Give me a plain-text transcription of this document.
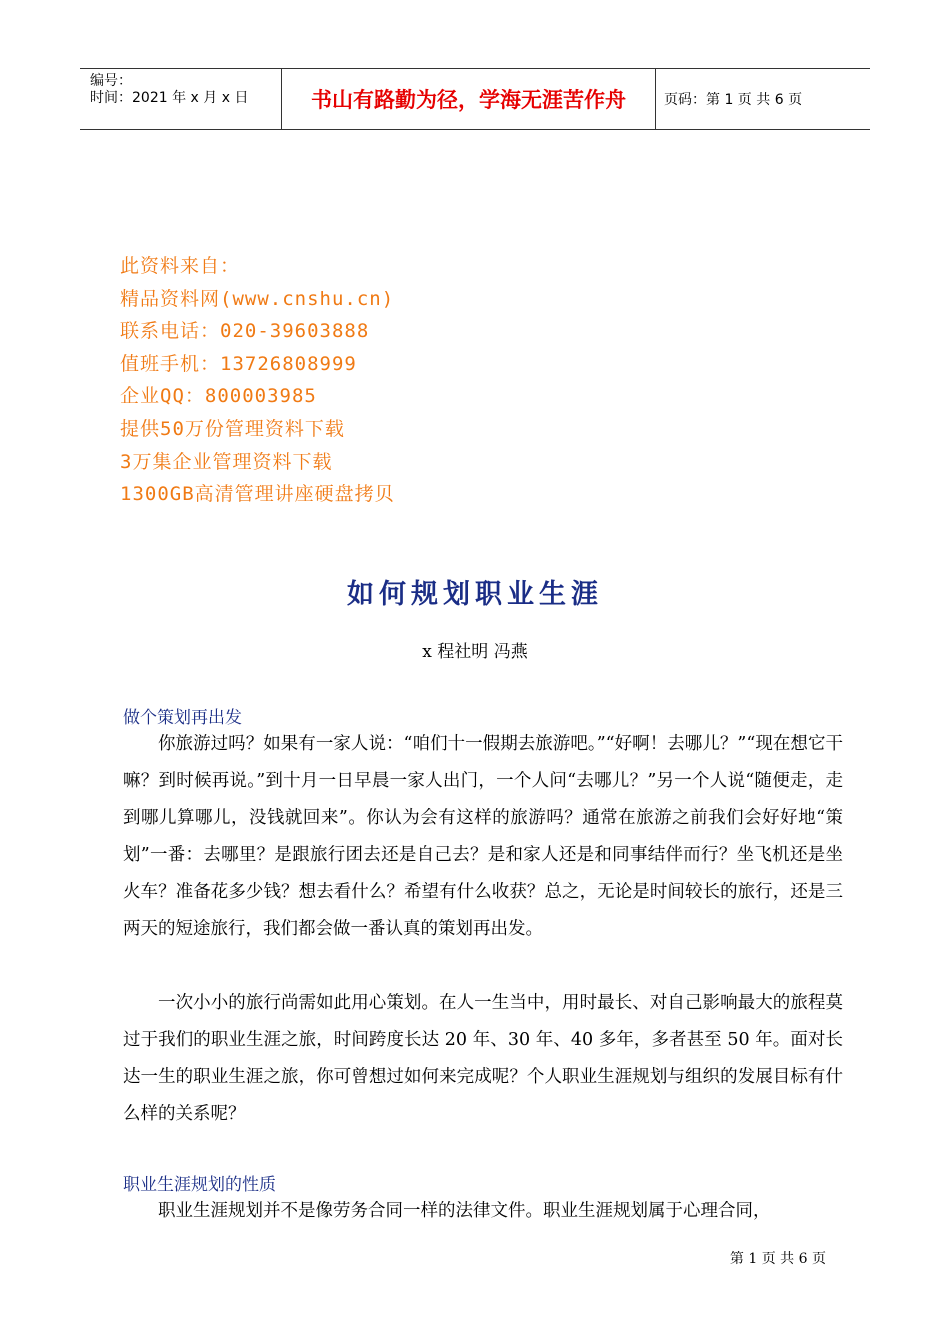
编号：
时间：2021 年 x 月 x 日	书山有路勤为径，学海无涯苦作舟	页码：第 1 页 共 6 页
此资料来自：
精品资料网(www.cnshu.cn)
联系电话：020-39603888
值班手机：13726808999
企业QQ：800003985
提供50万份管理资料下载
3万集企业管理资料下载
1300GB高清管理讲座硬盘拷贝
如何规划职业生涯
x 程社明 冯燕
做个策划再出发
你旅游过吗？如果有一家人说：“咱们十一假期去旅游吧。”“好啊！去哪儿？”“现在想它干嘛？到时候再说。”到十月一日早晨一家人出门，一个人问“去哪儿？”另一个人说“随便走，走到哪儿算哪儿，没钱就回来”。你认为会有这样的旅游吗？通常在旅游之前我们会好好地“策划”一番：去哪里？是跟旅行团去还是自己去？是和家人还是和同事结伴而行？坐飞机还是坐火车？准备花多少钱？想去看什么？希望有什么收获？总之，无论是时间较长的旅行，还是三两天的短途旅行，我们都会做一番认真的策划再出发。
一次小小的旅行尚需如此用心策划。在人一生当中，用时最长、对自己影响最大的旅程莫过于我们的职业生涯之旅，时间跨度长达 20 年、30 年、40 多年，多者甚至 50 年。面对长达一生的职业生涯之旅，你可曾想过如何来完成呢？个人职业生涯规划与组织的发展目标有什么样的关系呢？
职业生涯规划的性质
职业生涯规划并不是像劳务合同一样的法律文件。职业生涯规划属于心理合同，
第 1 页 共 6 页
